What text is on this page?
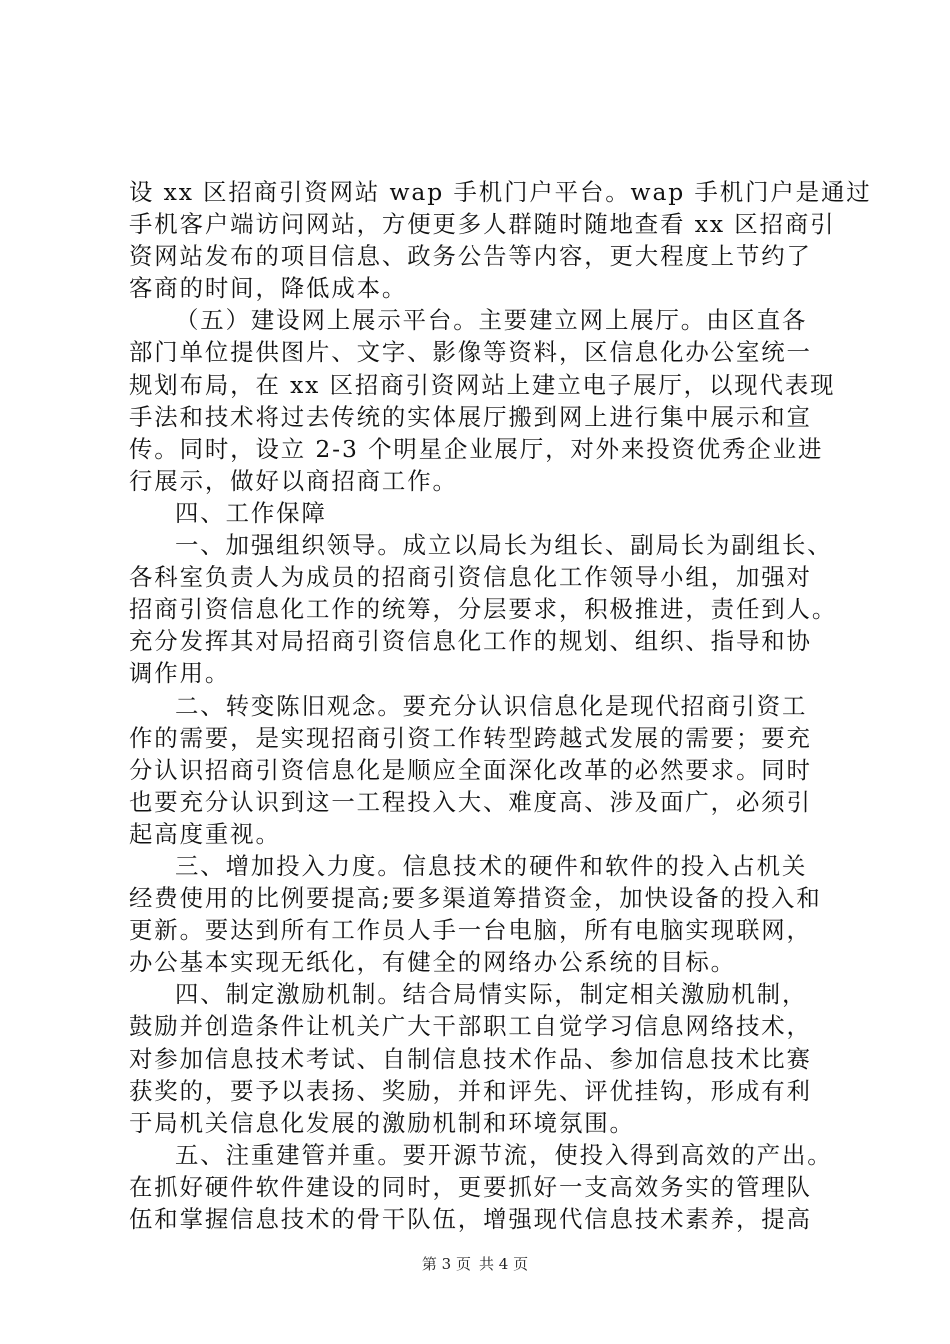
设 xx 区招商引资网站 wap 手机门户平台。wap 手机门户是通过
手机客户端访问网站，方便更多人群随时随地查看 xx 区招商引
资网站发布的项目信息、政务公告等内容，更大程度上节约了
客商的时间，降低成本。
（五）建设网上展示平台。主要建立网上展厅。由区直各
部门单位提供图片、文字、影像等资料，区信息化办公室统一
规划布局，在 xx 区招商引资网站上建立电子展厅，以现代表现
手法和技术将过去传统的实体展厅搬到网上进行集中展示和宣
传。同时，设立 2-3 个明星企业展厅，对外来投资优秀企业进
行展示，做好以商招商工作。
四、工作保障
一、加强组织领导。成立以局长为组长、副局长为副组长、
各科室负责人为成员的招商引资信息化工作领导小组，加强对
招商引资信息化工作的统筹，分层要求，积极推进，责任到人。
充分发挥其对局招商引资信息化工作的规划、组织、指导和协
调作用。
二、转变陈旧观念。要充分认识信息化是现代招商引资工
作的需要，是实现招商引资工作转型跨越式发展的需要；要充
分认识招商引资信息化是顺应全面深化改革的必然要求。同时
也要充分认识到这一工程投入大、难度高、涉及面广，必须引
起高度重视。
三、增加投入力度。信息技术的硬件和软件的投入占机关
经费使用的比例要提高;要多渠道筹措资金，加快设备的投入和
更新。要达到所有工作员人手一台电脑，所有电脑实现联网，
办公基本实现无纸化，有健全的网络办公系统的目标。
四、制定激励机制。结合局情实际，制定相关激励机制，
鼓励并创造条件让机关广大干部职工自觉学习信息网络技术，
对参加信息技术考试、自制信息技术作品、参加信息技术比赛
获奖的，要予以表扬、奖励，并和评先、评优挂钩，形成有利
于局机关信息化发展的激励机制和环境氛围。
五、注重建管并重。要开源节流，使投入得到高效的产出。
在抓好硬件软件建设的同时，更要抓好一支高效务实的管理队
伍和掌握信息技术的骨干队伍，增强现代信息技术素养，提高
第 3 页 共 4 页
